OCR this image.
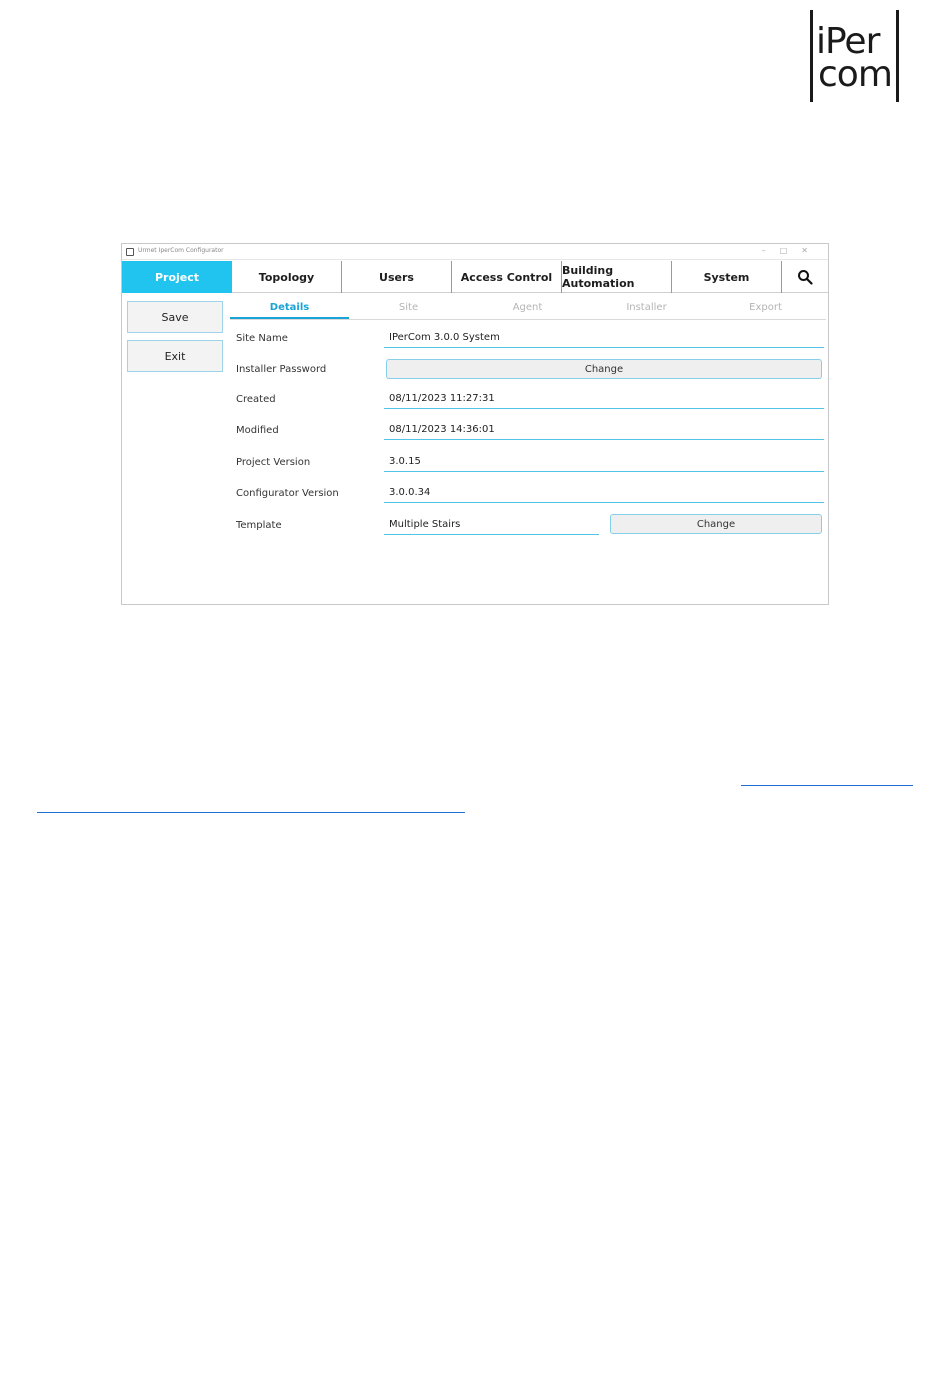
iPer
com
Urmet IperCom Configurator	–□✕
Project	Topology	Users	Access Control Building Automation	System
Save
Exit
Details	Site	Agent	Installer	Export
Site Name	IPerCom 3.0.0 System
Installer Password	Change
Created	08/11/2023 11:27:31
Modified	08/11/2023 14:36:01
Project Version	3.0.15
Configurator Version	3.0.0.34
Template	Multiple Stairs	Change
